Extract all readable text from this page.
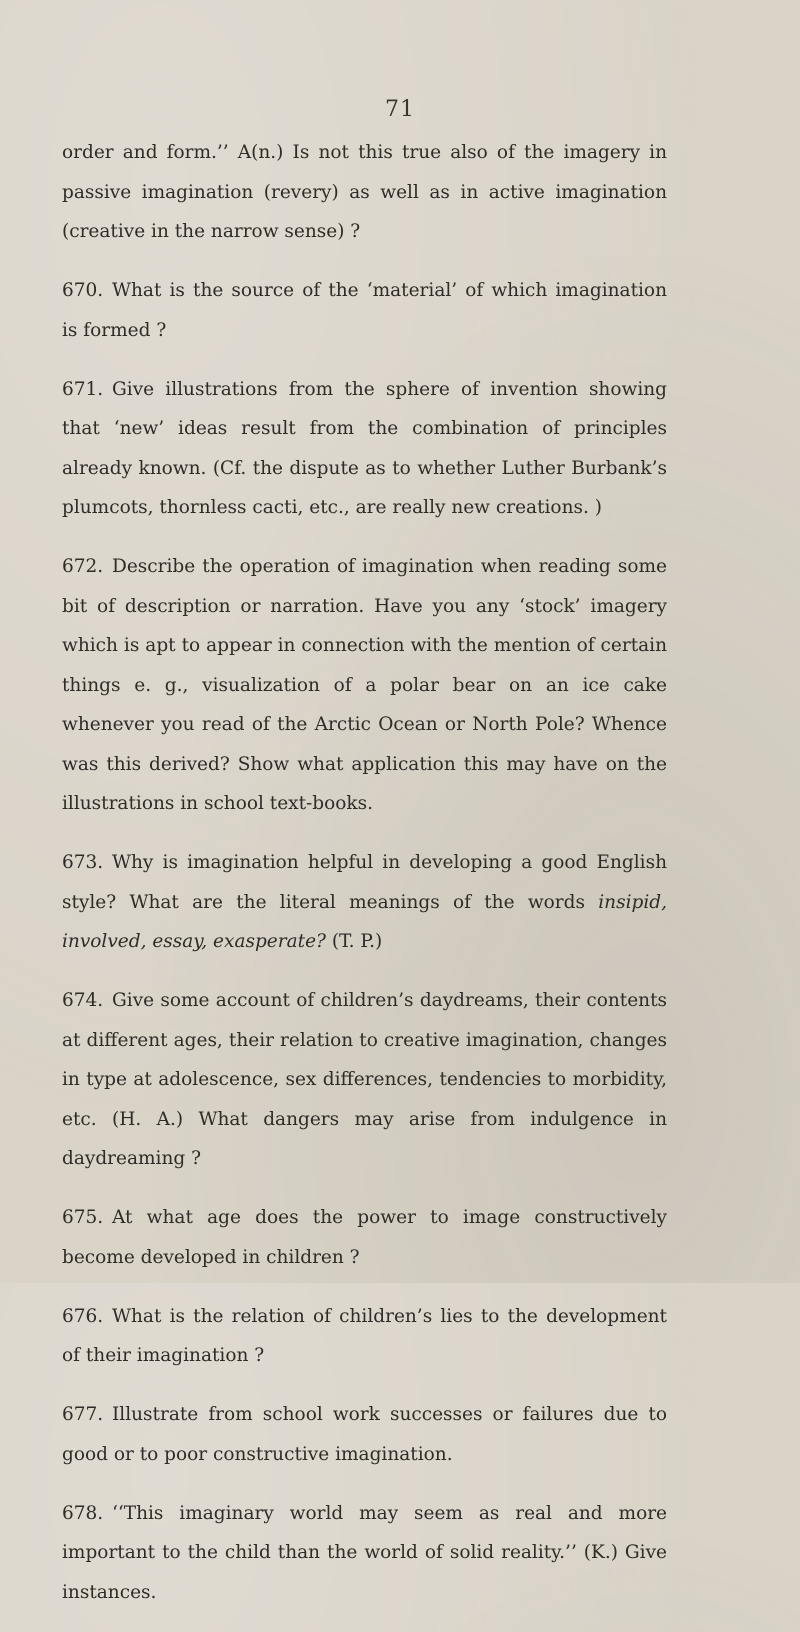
71

order and form.’’ A(n.) Is not this true also of the imagery in passive imagination (revery) as well as in active imagination (creative in the narrow sense) ?

670. What is the source of the ‘material’ of which imagination is formed ?

671. Give illustrations from the sphere of invention showing that ‘new’ ideas result from the combination of principles already known. (Cf. the dispute as to whether Luther Burbank’s plumcots, thornless cacti, etc., are really new creations. )

672. Describe the operation of imagination when reading some bit of description or narration. Have you any ‘stock’ imagery which is apt to appear in connection with the mention of certain things e. g., visualization of a polar bear on an ice cake whenever you read of the Arctic Ocean or North Pole? Whence was this derived? Show what application this may have on the illustrations in school text-books.

673. Why is imagination helpful in developing a good English style? What are the literal meanings of the words insipid, involved, essay, exasperate? (T. P.)

674. Give some account of children’s daydreams, their contents at different ages, their relation to creative imagination, changes in type at adolescence, sex differences, tendencies to morbidity, etc. (H. A.) What dangers may arise from indulgence in daydreaming ?

675. At what age does the power to image constructively become developed in children ?

676. What is the relation of children’s lies to the development of their imagination ?

677. Illustrate from school work successes or failures due to good or to poor constructive imagination.

678. ‘‘This imaginary world may seem as real and more important to the child than the world of solid reality.’’ (K.) Give instances.
